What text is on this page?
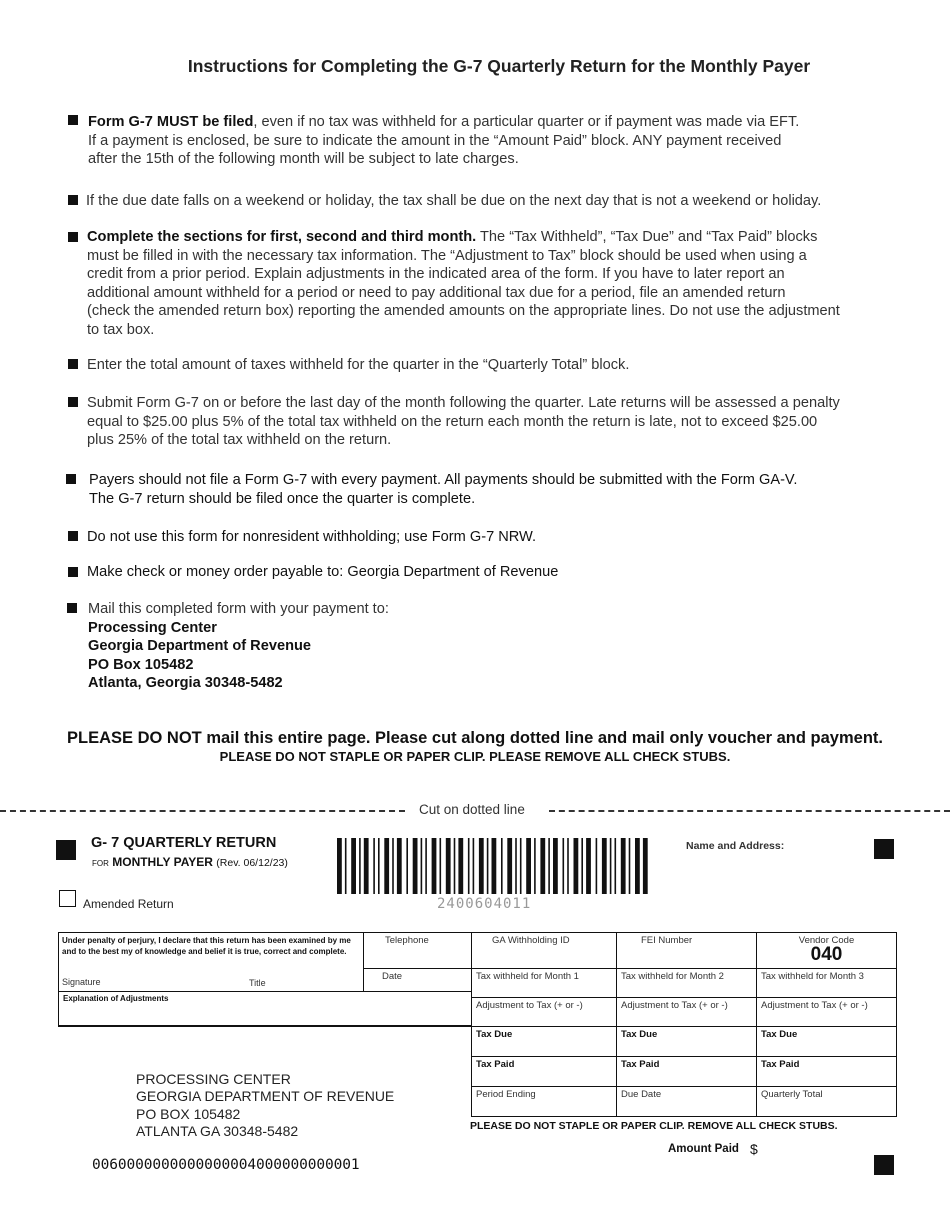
Instructions for Completing the G-7 Quarterly Return for the Monthly Payer
Form G-7 MUST be filed, even if no tax was withheld for a particular quarter or if payment was made via EFT.
If a payment is enclosed, be sure to indicate the amount in the “Amount Paid” block. ANY payment received
after the 15th of the following month will be subject to late charges.
If the due date falls on a weekend or holiday, the tax shall be due on the next day that is not a weekend or holiday.
Complete the sections for first, second and third month. The “Tax Withheld”, “Tax Due” and “Tax Paid” blocks
must be filled in with the necessary tax information. The “Adjustment to Tax” block should be used when using a
credit from a prior period. Explain adjustments in the indicated area of the form. If you have to later report an
additional amount withheld for a period or need to pay additional tax due for a period, file an amended return
(check the amended return box) reporting the amended amounts on the appropriate lines. Do not use the adjustment
to tax box.
Enter the total amount of taxes withheld for the quarter in the “Quarterly Total” block.
Submit Form G-7 on or before the last day of the month following the quarter. Late returns will be assessed a penalty
equal to $25.00 plus 5% of the total tax withheld on the return each month the return is late, not to exceed $25.00
plus 25% of the total tax withheld on the return.
Payers should not file a Form G-7 with every payment. All payments should be submitted with the Form GA-V.
The G-7 return should be filed once the quarter is complete.
Do not use this form for nonresident withholding; use Form G-7 NRW.
Make check or money order payable to: Georgia Department of Revenue
Mail this completed form with your payment to:
Processing Center
Georgia Department of Revenue
PO Box 105482
Atlanta, Georgia 30348-5482
PLEASE DO NOT mail this entire page. Please cut along dotted line and mail only voucher and payment.
PLEASE DO NOT STAPLE OR PAPER CLIP. PLEASE REMOVE ALL CHECK STUBS.
Cut on dotted line
G- 7 QUARTERLY RETURN
FOR MONTHLY PAYER (Rev. 06/12/23)
2400604011
Name and Address:
Amended Return
Under penalty of perjury, I declare that this return has been examined by me and to the best my of knowledge and belief it is true, correct and complete.
Signature	Title
Telephone
Date
Explanation of Adjustments
GA Withholding ID	FEI Number	Vendor Code
040
Tax withheld for Month 1	Tax withheld for Month 2	Tax withheld for Month 3
Adjustment to Tax (+ or -)	Adjustment to Tax (+ or -)	Adjustment to Tax (+ or -)
Tax Due	Tax Due	Tax Due
Tax Paid	Tax Paid	Tax Paid
Period Ending	Due Date	Quarterly Total
PLEASE DO NOT STAPLE OR PAPER CLIP. REMOVE ALL CHECK STUBS.
PROCESSING CENTER
GEORGIA DEPARTMENT OF REVENUE
PO BOX 105482
ATLANTA GA 30348-5482
Amount Paid $
0060000000000000004000000000001
